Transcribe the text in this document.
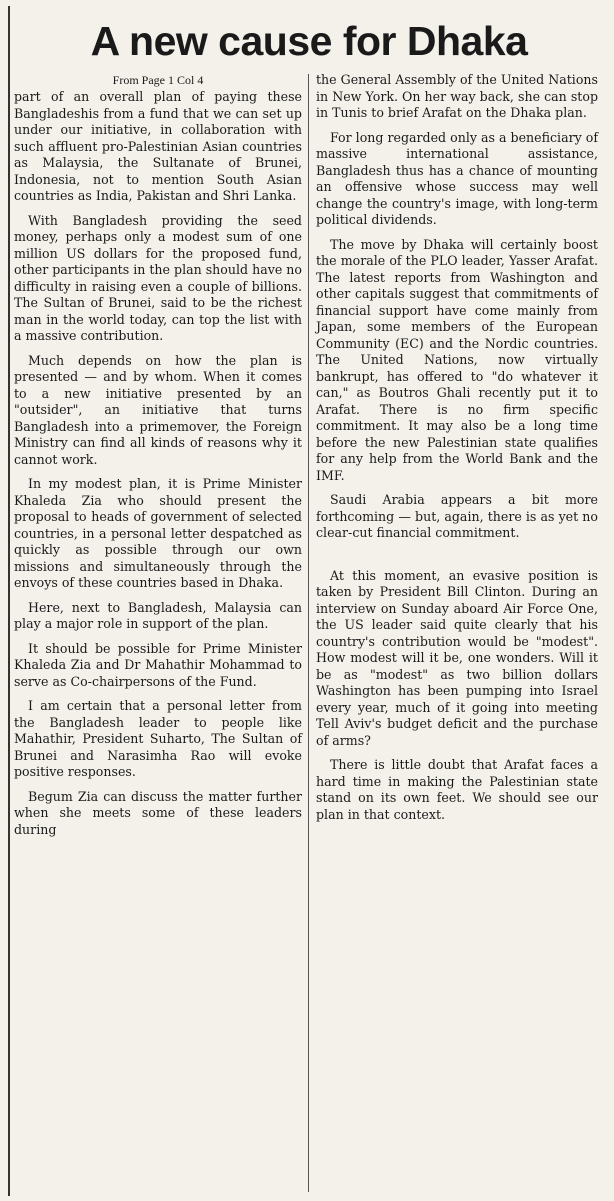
A new cause for Dhaka
From Page 1 Col 4

part of an overall plan of paying these Bangladeshis from a fund that we can set up under our initiative, in collaboration with such affluent pro-Palestinian Asian countries as Malaysia, the Sultanate of Brunei, Indonesia, not to mention South Asian countries as India, Pakistan and Shri Lanka.

With Bangladesh providing the seed money, perhaps only a modest sum of one million US dollars for the proposed fund, other participants in the plan should have no difficulty in raising even a couple of billions. The Sultan of Brunei, said to be the richest man in the world today, can top the list with a massive contribution.

Much depends on how the plan is presented — and by whom. When it comes to a new initiative presented by an "outsider", an initiative that turns Bangladesh into a primemover, the Foreign Ministry can find all kinds of reasons why it cannot work.

In my modest plan, it is Prime Minister Khaleda Zia who should present the proposal to heads of government of selected countries, in a personal letter despatched as quickly as possible through our own missions and simultaneously through the envoys of these countries based in Dhaka.

Here, next to Bangladesh, Malaysia can play a major role in support of the plan.

It should be possible for Prime Minister Khaleda Zia and Dr Mahathir Mohammad to serve as Co-chairpersons of the Fund.

I am certain that a personal letter from the Bangladesh leader to people like Mahathir, President Suharto, The Sultan of Brunei and Narasimha Rao will evoke positive responses.

Begum Zia can discuss the matter further when she meets some of these leaders during

the General Assembly of the United Nations in New York. On her way back, she can stop in Tunis to brief Arafat on the Dhaka plan.

For long regarded only as a beneficiary of massive international assistance, Bangladesh thus has a chance of mounting an offensive whose success may well change the country's image, with long-term political dividends.

The move by Dhaka will certainly boost the morale of the PLO leader, Yasser Arafat. The latest reports from Washington and other capitals suggest that commitments of financial support have come mainly from Japan, some members of the European Community (EC) and the Nordic countries. The United Nations, now virtually bankrupt, has offered to "do whatever it can," as Boutros Ghali recently put it to Arafat. There is no firm specific commitment. It may also be a long time before the new Palestinian state qualifies for any help from the World Bank and the IMF.

Saudi Arabia appears a bit more forthcoming — but, again, there is as yet no clear-cut financial commitment.

At this moment, an evasive position is taken by President Bill Clinton. During an interview on Sunday aboard Air Force One, the US leader said quite clearly that his country's contribution would be "modest". How modest will it be, one wonders. Will it be as "modest" as two billion dollars Washington has been pumping into Israel every year, much of it going into meeting Tell Aviv's budget deficit and the purchase of arms?

There is little doubt that Arafat faces a hard time in making the Palestinian state stand on its own feet. We should see our plan in that context.
